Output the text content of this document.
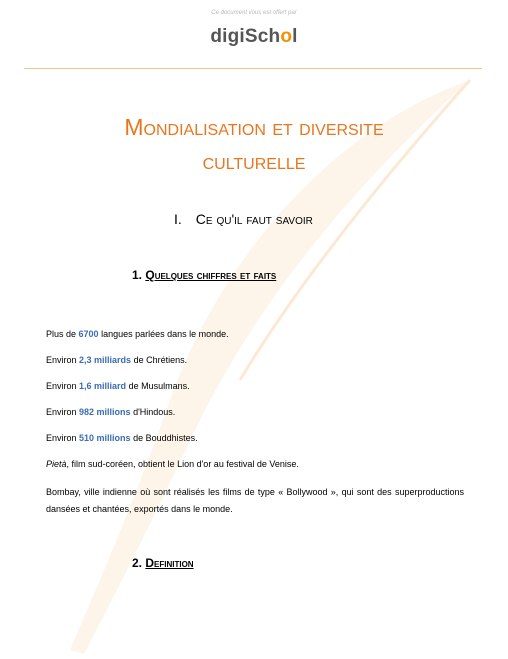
Ce document vous est offert par
digiSchol
Mondialisation et diversite
culturelle
I. Ce qu'il faut savoir
1. Quelques chiffres et faits
Plus de 6700 langues parlées dans le monde.
Environ 2,3 milliards de Chrétiens.
Environ 1,6 milliard de Musulmans.
Environ 982 millions d'Hindous.
Environ 510 millions de Bouddhistes.
Pietà, film sud-coréen, obtient le Lion d'or au festival de Venise.
Bombay, ville indienne où sont réalisés les films de type « Bollywood », qui sont des superproductions dansées et chantées, exportés dans le monde.
2. Definition
